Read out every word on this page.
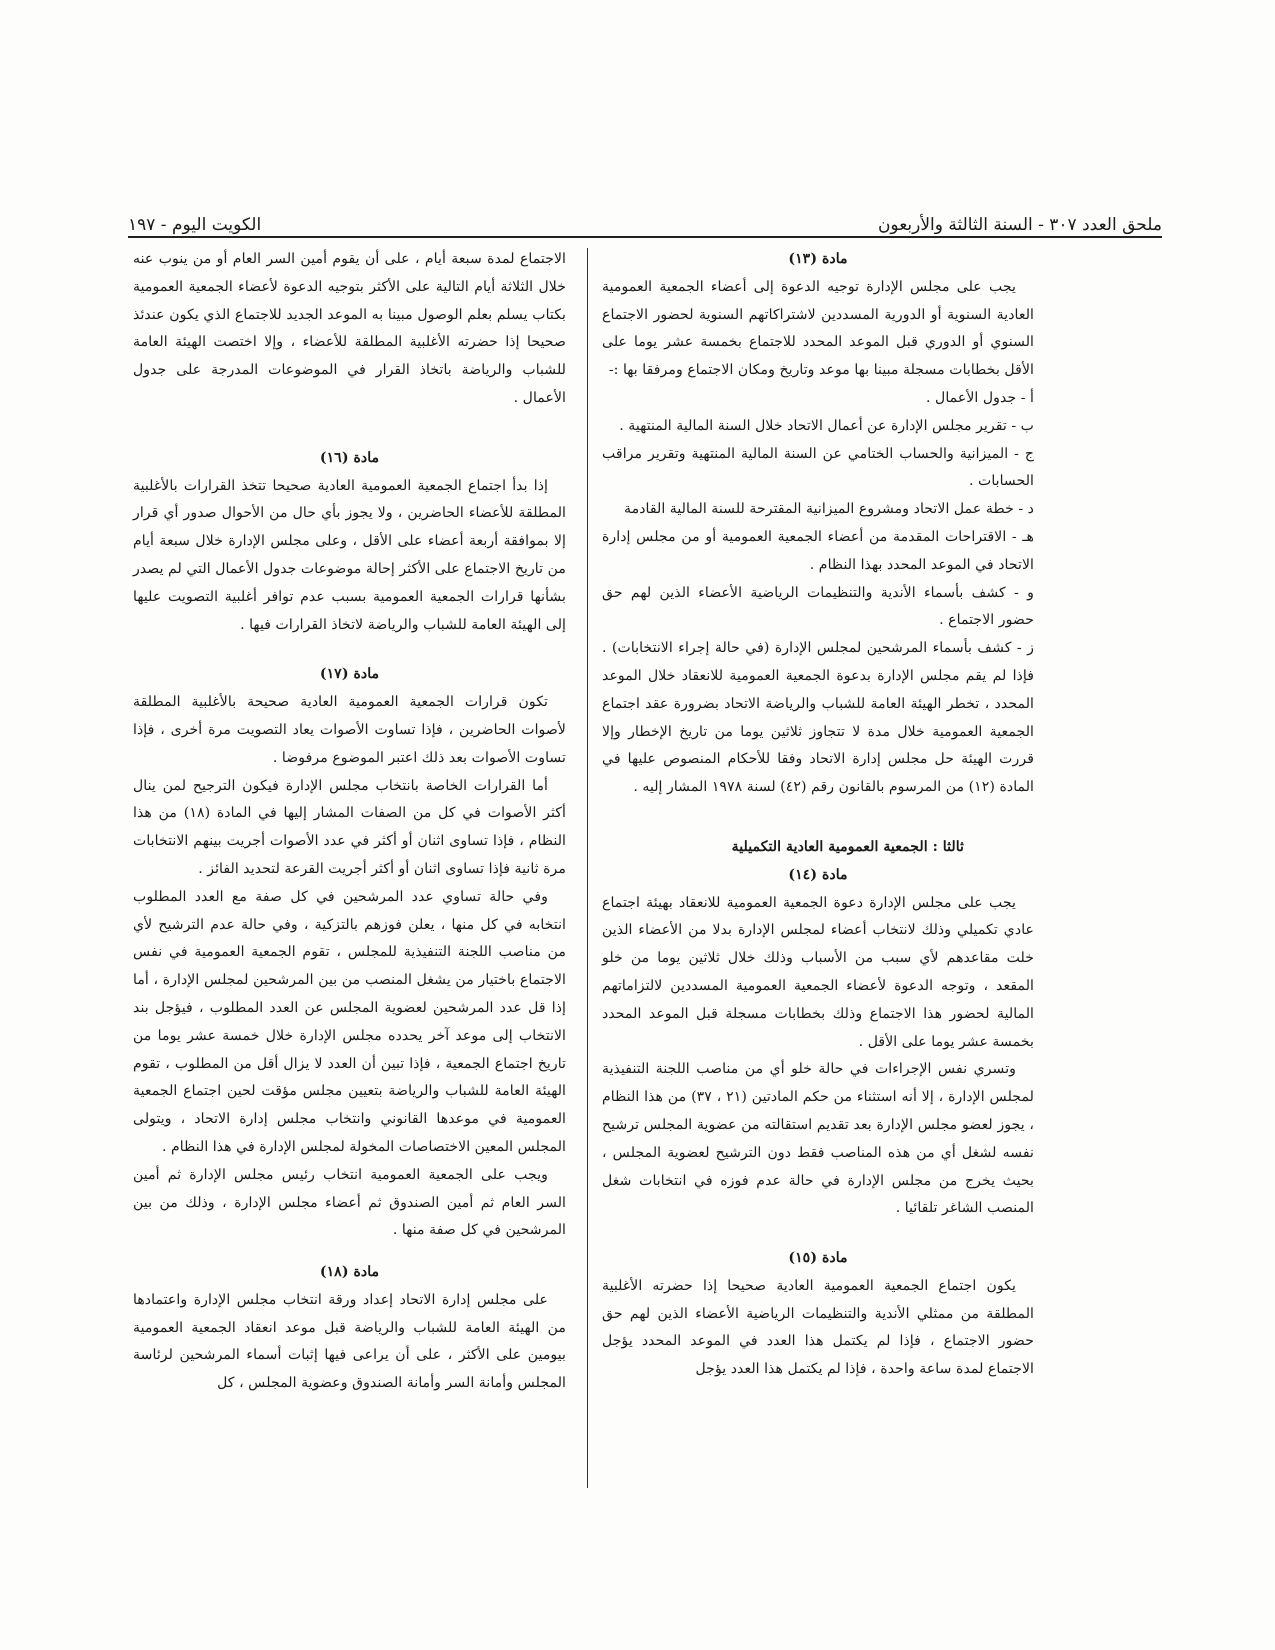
ملحق العدد ٣٠٧ - السنة الثالثة والأربعون
الكويت اليوم - ١٩٧

مادة (١٣)

يجب على مجلس الإدارة توجيه الدعوة إلى أعضاء الجمعية العمومية العادية السنوية أو الدورية المسددين لاشتراكاتهم السنوية لحضور الاجتماع السنوي أو الدوري قبل الموعد المحدد للاجتماع بخمسة عشر يوما على الأقل بخطابات مسجلة مبينا بها موعد وتاريخ ومكان الاجتماع ومرفقا بها :-

أ - جدول الأعمال .

ب - تقرير مجلس الإدارة عن أعمال الاتحاد خلال السنة المالية المنتهية .

ج - الميزانية والحساب الختامي عن السنة المالية المنتهية وتقرير مراقب الحسابات .

د - خطة عمل الاتحاد ومشروع الميزانية المقترحة للسنة المالية القادمة

هـ - الاقتراحات المقدمة من أعضاء الجمعية العمومية أو من مجلس إدارة الاتحاد في الموعد المحدد بهذا النظام .

و - كشف بأسماء الأندية والتنظيمات الرياضية الأعضاء الذين لهم حق حضور الاجتماع .

ز - كشف بأسماء المرشحين لمجلس الإدارة (في حالة إجراء الانتخابات) . فإذا لم يقم مجلس الإدارة بدعوة الجمعية العمومية للانعقاد خلال الموعد المحدد ، تخطر الهيئة العامة للشباب والرياضة الاتحاد بضرورة عقد اجتماع الجمعية العمومية خلال مدة لا تتجاوز ثلاثين يوما من تاريخ الإخطار وإلا قررت الهيئة حل مجلس إدارة الاتحاد وفقا للأحكام المنصوص عليها في المادة (١٢) من المرسوم بالقانون رقم (٤٢) لسنة ١٩٧٨ المشار إليه .

ثالثا : الجمعية العمومية العادية التكميلية

مادة (١٤)

يجب على مجلس الإدارة دعوة الجمعية العمومية للانعقاد بهيئة اجتماع عادي تكميلي وذلك لانتخاب أعضاء لمجلس الإدارة بدلا من الأعضاء الذين خلت مقاعدهم لأي سبب من الأسباب وذلك خلال ثلاثين يوما من خلو المقعد ، وتوجه الدعوة لأعضاء الجمعية العمومية المسددين لالتزاماتهم المالية لحضور هذا الاجتماع وذلك بخطابات مسجلة قبل الموعد المحدد بخمسة عشر يوما على الأقل .

وتسري نفس الإجراءات في حالة خلو أي من مناصب اللجنة التنفيذية لمجلس الإدارة ، إلا أنه استثناء من حكم المادتين (٢١ ، ٣٧) من هذا النظام ، يجوز لعضو مجلس الإدارة بعد تقديم استقالته من عضوية المجلس ترشيح نفسه لشغل أي من هذه المناصب فقط دون الترشيح لعضوية المجلس ، بحيث يخرج من مجلس الإدارة في حالة عدم فوزه في انتخابات شغل المنصب الشاغر تلقائيا .

مادة (١٥)

يكون اجتماع الجمعية العمومية العادية صحيحا إذا حضرته الأغلبية المطلقة من ممثلي الأندية والتنظيمات الرياضية الأعضاء الذين لهم حق حضور الاجتماع ، فإذا لم يكتمل هذا العدد في الموعد المحدد يؤجل الاجتماع لمدة ساعة واحدة ، فإذا لم يكتمل هذا العدد يؤجل

الاجتماع لمدة سبعة أيام ، على أن يقوم أمين السر العام أو من ينوب عنه خلال الثلاثة أيام التالية على الأكثر بتوجيه الدعوة لأعضاء الجمعية العمومية بكتاب يسلم بعلم الوصول مبينا به الموعد الجديد للاجتماع الذي يكون عندئذ صحيحا إذا حضرته الأغلبية المطلقة للأعضاء ، وإلا اختصت الهيئة العامة للشباب والرياضة باتخاذ القرار في الموضوعات المدرجة على جدول الأعمال .

مادة (١٦)

إذا بدأ اجتماع الجمعية العمومية العادية صحيحا تتخذ القرارات بالأغلبية المطلقة للأعضاء الحاضرين ، ولا يجوز بأي حال من الأحوال صدور أي قرار إلا بموافقة أربعة أعضاء على الأقل ، وعلى مجلس الإدارة خلال سبعة أيام من تاريخ الاجتماع على الأكثر إحالة موضوعات جدول الأعمال التي لم يصدر بشأنها قرارات الجمعية العمومية بسبب عدم توافر أغلبية التصويت عليها إلى الهيئة العامة للشباب والرياضة لاتخاذ القرارات فيها .

مادة (١٧)

تكون قرارات الجمعية العمومية العادية صحيحة بالأغلبية المطلقة لأصوات الحاضرين ، فإذا تساوت الأصوات يعاد التصويت مرة أخرى ، فإذا تساوت الأصوات بعد ذلك اعتبر الموضوع مرفوضا .

أما القرارات الخاصة بانتخاب مجلس الإدارة فيكون الترجيح لمن ينال أكثر الأصوات في كل من الصفات المشار إليها في المادة (١٨) من هذا النظام ، فإذا تساوى اثنان أو أكثر في عدد الأصوات أجريت بينهم الانتخابات مرة ثانية فإذا تساوى اثنان أو أكثر أجريت القرعة لتحديد الفائز .

وفي حالة تساوي عدد المرشحين في كل صفة مع العدد المطلوب انتخابه في كل منها ، يعلن فوزهم بالتزكية ، وفي حالة عدم الترشيح لأي من مناصب اللجنة التنفيذية للمجلس ، تقوم الجمعية العمومية في نفس الاجتماع باختيار من يشغل المنصب من بين المرشحين لمجلس الإدارة ، أما إذا قل عدد المرشحين لعضوية المجلس عن العدد المطلوب ، فيؤجل بند الانتخاب إلى موعد آخر يحدده مجلس الإدارة خلال خمسة عشر يوما من تاريخ اجتماع الجمعية ، فإذا تبين أن العدد لا يزال أقل من المطلوب ، تقوم الهيئة العامة للشباب والرياضة بتعيين مجلس مؤقت لحين اجتماع الجمعية العمومية في موعدها القانوني وانتخاب مجلس إدارة الاتحاد ، ويتولى المجلس المعين الاختصاصات المخولة لمجلس الإدارة في هذا النظام .

ويجب على الجمعية العمومية انتخاب رئيس مجلس الإدارة ثم أمين السر العام ثم أمين الصندوق ثم أعضاء مجلس الإدارة ، وذلك من بين المرشحين في كل صفة منها .

مادة (١٨)

على مجلس إدارة الاتحاد إعداد ورقة انتخاب مجلس الإدارة واعتمادها من الهيئة العامة للشباب والرياضة قبل موعد انعقاد الجمعية العمومية بيومين على الأكثر ، على أن يراعى فيها إثبات أسماء المرشحين لرئاسة المجلس وأمانة السر وأمانة الصندوق وعضوية المجلس ، كل
